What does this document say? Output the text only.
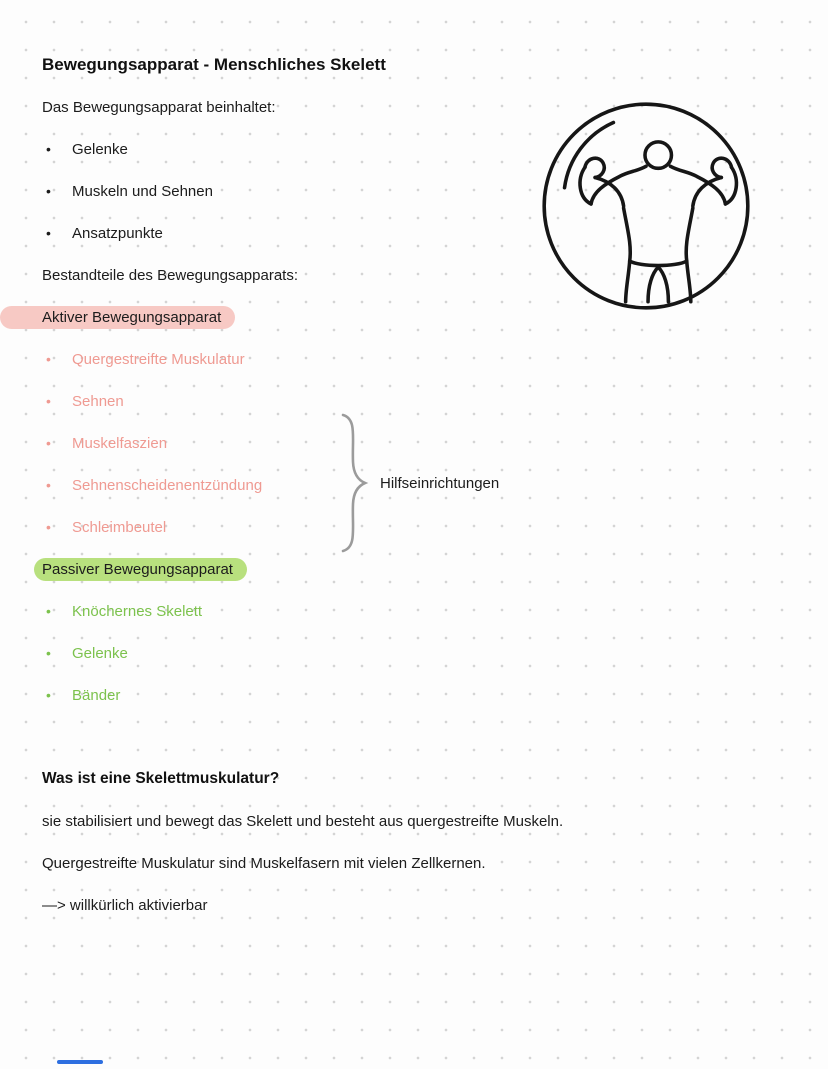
Hilfseinrichtungen
Bewegungsapparat - Menschliches Skelett
Das Bewegungsapparat beinhaltet:
•	Gelenke
•	Muskeln und Sehnen
•	Ansatzpunkte
Bestandteile des Bewegungsapparats:
Aktiver Bewegungsapparat
•	Quergestreifte Muskulatur
•	Sehnen
•	Muskelfaszien
•	Sehnenscheidenentzündung
•	Schleimbeutel
Passiver Bewegungsapparat
•	Knöchernes Skelett
•	Gelenke
•	Bänder
Was ist eine Skelettmuskulatur?
sie stabilisiert und bewegt das Skelett und besteht aus quergestreifte Muskeln.
Quergestreifte Muskulatur sind Muskelfasern mit vielen Zellkernen.
—> willkürlich aktivierbar
